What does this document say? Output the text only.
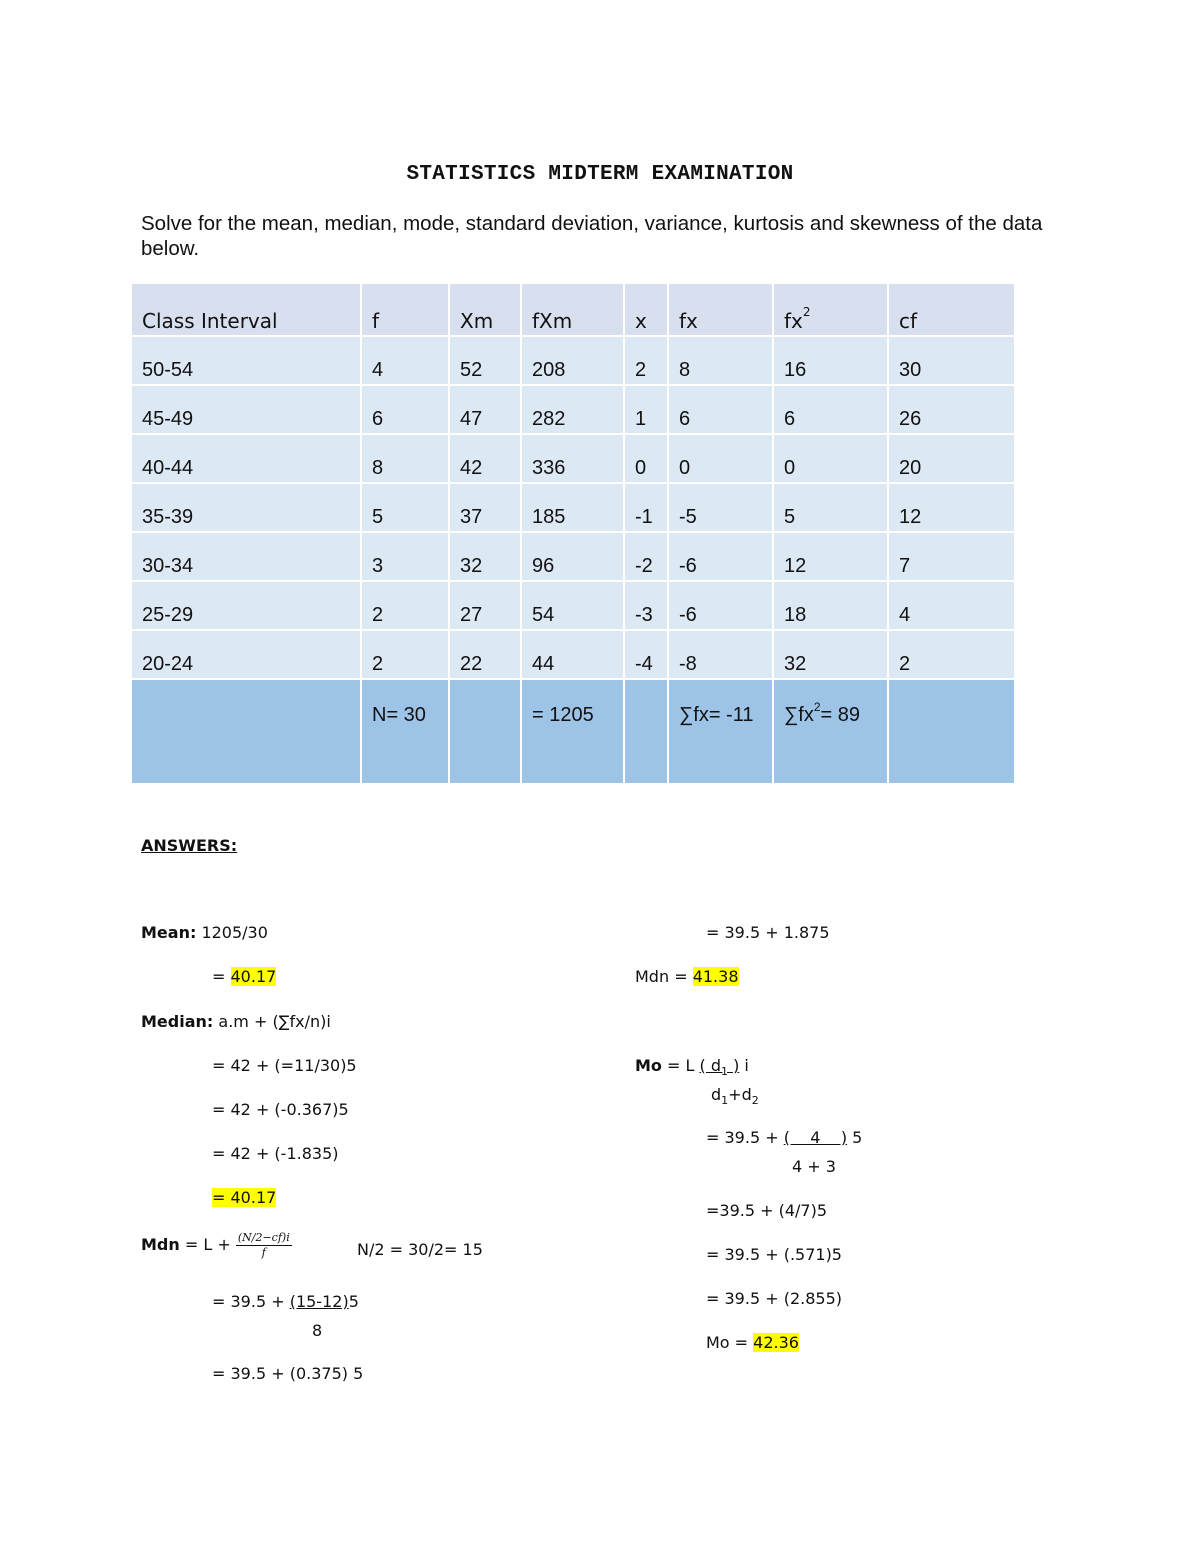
STATISTICS MIDTERM EXAMINATION
Solve for the mean, median, mode, standard deviation, variance, kurtosis and skewness of the data below.
Class Interval	f	Xm	fXm	x	fx	$fx^2$	cf
50-54	4	52	208	2	8	16	30
45-49	6	47	282	1	6	6	26
40-44	8	42	336	0	0	0	20
35-39	5	37	185	-1	-5	5	12
30-34	3	32	96	-2	-6	12	7
25-29	2	27	54	-3	-6	18	4
20-24	2	22	44	-4	-8	32	2
	N= 30		= 1205		∑fx= -11	$\sum fx^2= 89$	
ANSWERS:
Mean: 1205/30
= 40.17
Median: a.m + (∑fx/n)i
= 42 + (=11/30)5
= 42 + (-0.367)5
= 42 + (-1.835)
= 40.17
Mdn = $L + \frac{(N/2-cf)i}{f}$	N/2 = 30/2= 15
= 39.5 + (15-12)5
8
= 39.5 + (0.375) 5
= 39.5 + 1.875
Mdn = 41.38
Mo = L ( $d_1$ ) i
$d_1+d_2$
= 39.5 + (    4    ) 5
4 + 3
=39.5 + (4/7)5
= 39.5 + (.571)5
= 39.5 + (2.855)
Mo = 42.36
